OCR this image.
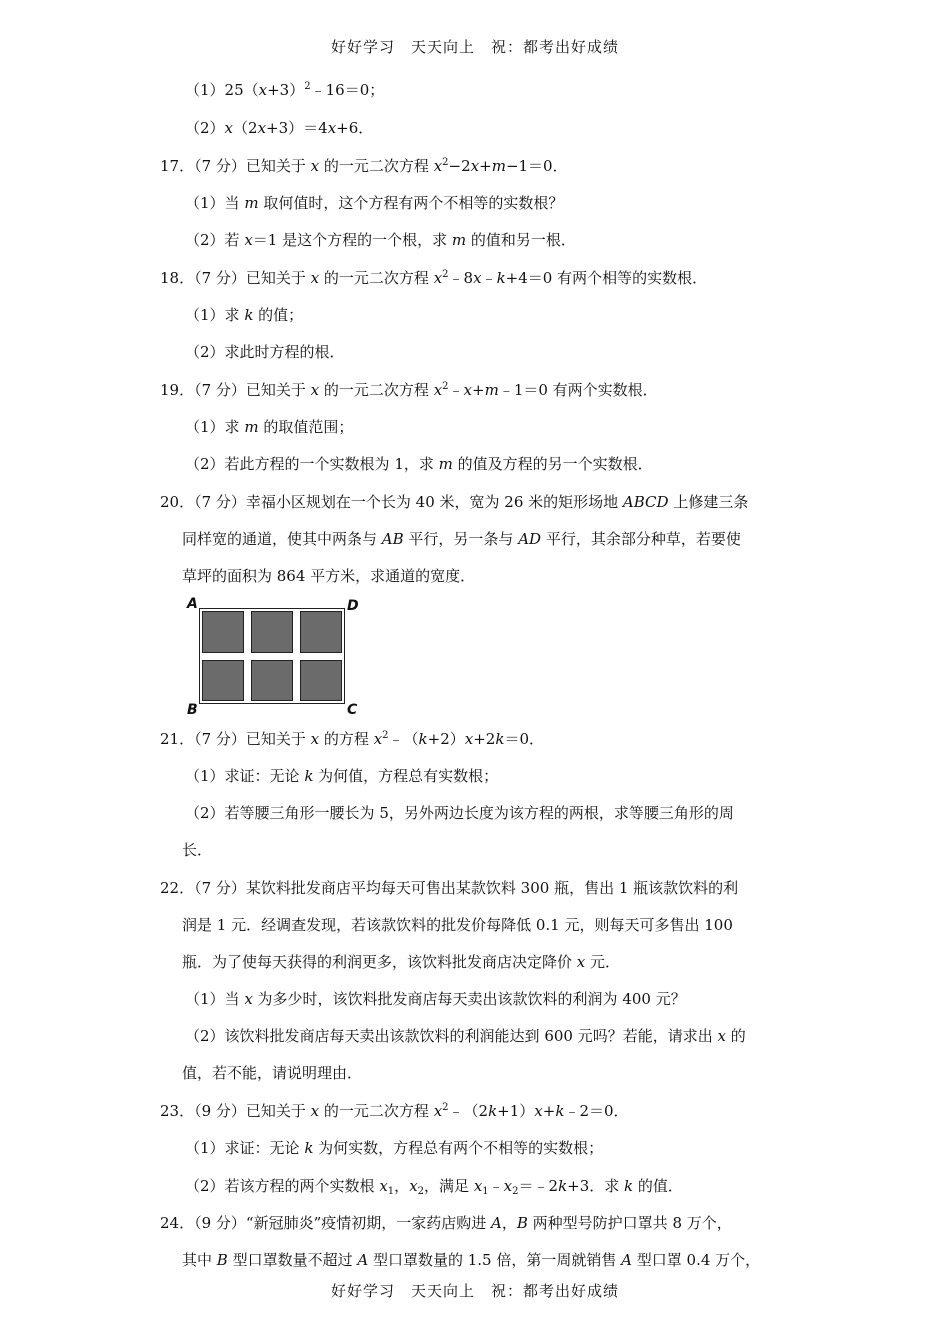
好好学习　天天向上　祝：都考出好成绩
$(1)25(x+3)^2﹣16=0$；
（2）x（2x+3）＝4x+6．
17．（7 分）已知关于 x 的一元二次方程 $x^2-2x+m-1=0$．
（1）当 m 取何值时，这个方程有两个不相等的实数根？
（2）若 x＝1 是这个方程的一个根，求 m 的值和另一根．
18．（7 分）已知关于 x 的一元二次方程 $x^2﹣8x﹣k+4=0$ 有两个相等的实数根．
（1）求 k 的值；
（2）求此时方程的根．
19．（7 分）已知关于 x 的一元二次方程 $x^2﹣x+m﹣1=0$ 有两个实数根．
（1）求 m 的取值范围；
（2）若此方程的一个实数根为 1，求 m 的值及方程的另一个实数根．
20．（7 分）幸福小区规划在一个长为 40 米，宽为 26 米的矩形场地 ABCD 上修建三条
同样宽的通道，使其中两条与 AB 平行，另一条与 AD 平行，其余部分种草，若要使
草坪的面积为 864 平方米，求通道的宽度．
A	D
B	C
21．（7 分）已知关于 x 的方程 $x^2﹣(k+2)x+2k=0$．
（1）求证：无论 k 为何值，方程总有实数根；
（2）若等腰三角形一腰长为 5，另外两边长度为该方程的两根，求等腰三角形的周
长．
22．（7 分）某饮料批发商店平均每天可售出某款饮料 300 瓶，售出 1 瓶该款饮料的利
润是 1 元．经调查发现，若该款饮料的批发价每降低 0.1 元，则每天可多售出 100
瓶．为了使每天获得的利润更多，该饮料批发商店决定降价 x 元．
（1）当 x 为多少时，该饮料批发商店每天卖出该款饮料的利润为 400 元？
（2）该饮料批发商店每天卖出该款饮料的利润能达到 600 元吗？若能，请求出 x 的
值，若不能，请说明理由．
23．（9 分）已知关于 x 的一元二次方程 $x^2﹣(2k+1)x+k﹣2=0$．
（1）求证：无论 k 为何实数，方程总有两个不相等的实数根；
（2）若该方程的两个实数根 $x_1$，$x_2$，满足 $x_1﹣x_2=﹣2k+3$．求 k 的值．
24．（9 分）“新冠肺炎”疫情初期，一家药店购进 A，B 两种型号防护口罩共 8 万个，
其中 B 型口罩数量不超过 A 型口罩数量的 1.5 倍，第一周就销售 A 型口罩 0.4 万个，
好好学习　天天向上　祝：都考出好成绩
